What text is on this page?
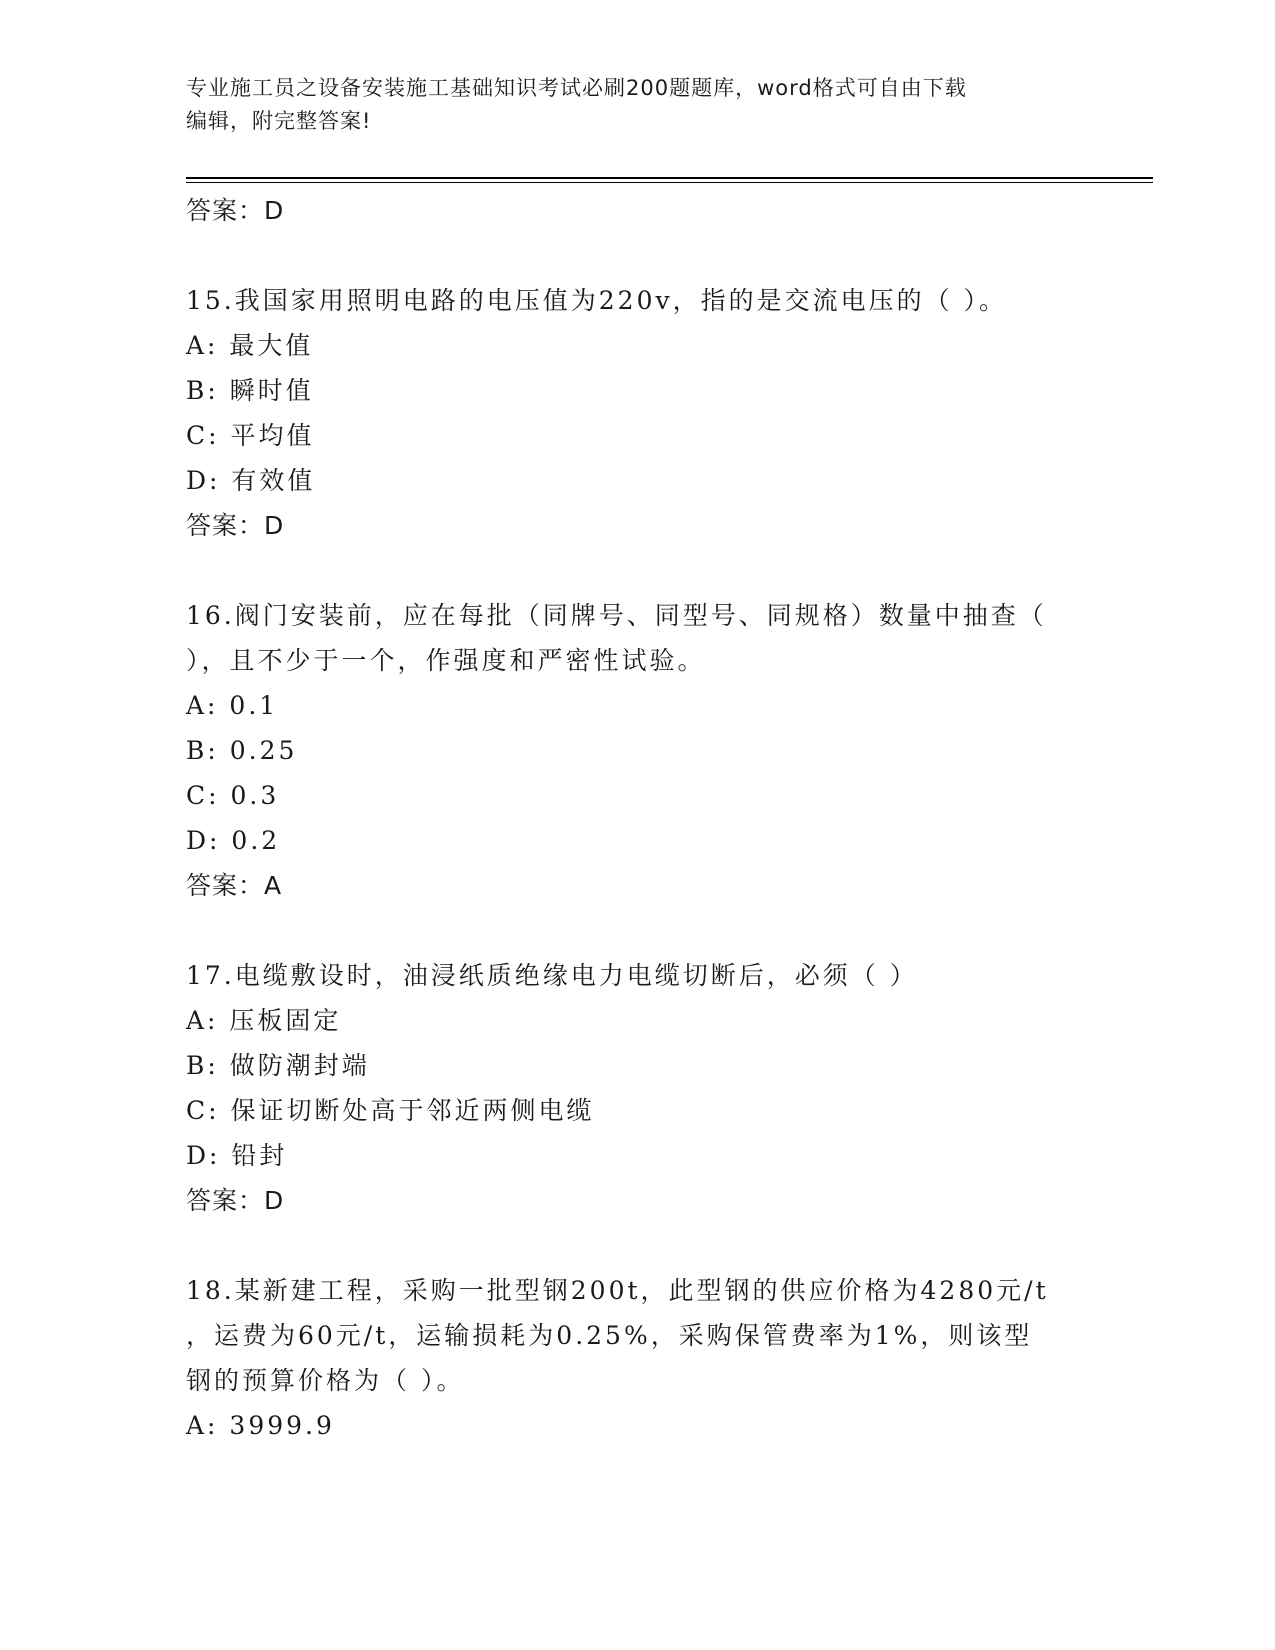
专业施工员之设备安装施工基础知识考试必刷200题题库，word格式可自由下载
编辑，附完整答案!
答案：D
15.我国家用照明电路的电压值为220v，指的是交流电压的（ ）。
A: 最大值
B: 瞬时值
C: 平均值
D: 有效值
答案：D
16.阀门安装前，应在每批（同牌号、同型号、同规格）数量中抽查（
），且不少于一个，作强度和严密性试验。
A: 0.1
B: 0.25
C: 0.3
D: 0.2
答案：A
17.电缆敷设时，油浸纸质绝缘电力电缆切断后，必须（ ）
A: 压板固定
B: 做防潮封端
C: 保证切断处高于邻近两侧电缆
D: 铅封
答案：D
18.某新建工程，采购一批型钢200t，此型钢的供应价格为4280元/t
，运费为60元/t，运输损耗为0.25%，采购保管费率为1%，则该型
钢的预算价格为（ ）。
A: 3999.9
